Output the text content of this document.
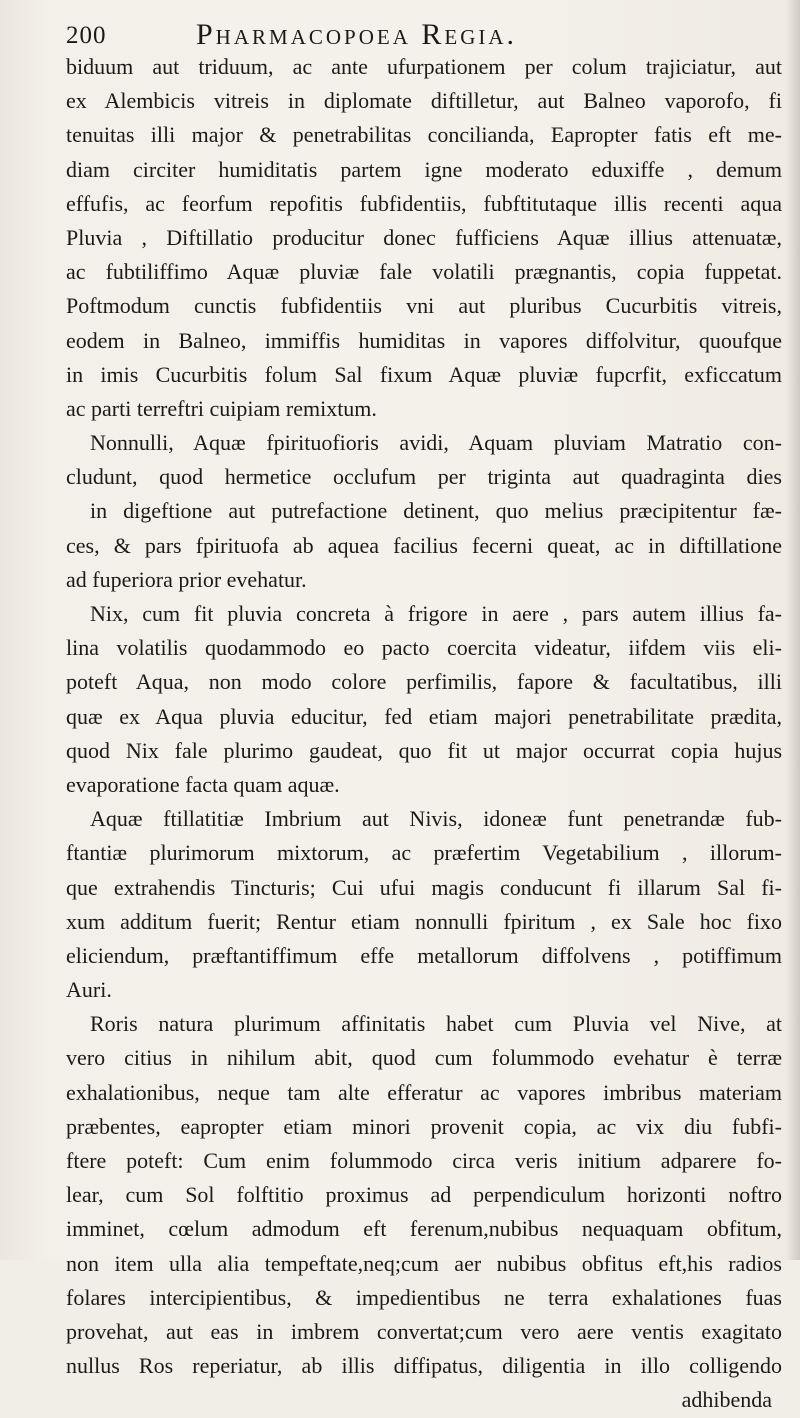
200	Pharmacopoea Regia.
biduum aut triduum, ac ante ufurpationem per colum trajiciatur, aut
ex Alembicis vitreis in diplomate diftilletur, aut Balneo vaporofo, fi
tenuitas illi major & penetrabilitas concilianda, Eapropter fatis eft me-
diam circiter humiditatis partem igne moderato eduxiffe , demum
effufis, ac feorfum repofitis fubfidentiis, fubftitutaque illis recenti aqua
Pluvia , Diftillatio producitur donec fufficiens Aquæ illius attenuatæ,
ac fubtiliffimo Aquæ pluviæ fale volatili prægnantis, copia fuppetat.
Poftmodum cunctis fubfidentiis vni aut pluribus Cucurbitis vitreis,
eodem in Balneo, immiffis humiditas in vapores diffolvitur, quoufque
in imis Cucurbitis folum Sal fixum Aquæ pluviæ fupcrfit, exficcatum
ac parti terreftri cuipiam remixtum.
Nonnulli, Aquæ fpirituofioris avidi, Aquam pluviam Matratio con-
cludunt, quod hermetice occlufum per triginta aut quadraginta dies
in digeftione aut putrefactione detinent, quo melius præcipitentur fæ-
ces, & pars fpirituofa ab aquea facilius fecerni queat, ac in diftillatione
ad fuperiora prior evehatur.
Nix, cum fit pluvia concreta à frigore in aere , pars autem illius fa-
lina volatilis quodammodo eo pacto coercita videatur, iifdem viis eli-
poteft Aqua, non modo colore perfimilis, fapore & facultatibus, illi
quæ ex Aqua pluvia educitur, fed etiam majori penetrabilitate prædita,
quod Nix fale plurimo gaudeat, quo fit ut major occurrat copia hujus
evaporatione facta quam aquæ.
Aquæ ftillatitiæ Imbrium aut Nivis, idoneæ funt penetrandæ fub-
ftantiæ plurimorum mixtorum, ac præfertim Vegetabilium , illorum-
que extrahendis Tincturis; Cui ufui magis conducunt fi illarum Sal fi-
xum additum fuerit; Rentur etiam nonnulli fpiritum , ex Sale hoc fixo
eliciendum, præftantiffimum effe metallorum diffolvens , potiffimum
Auri.
Roris natura plurimum affinitatis habet cum Pluvia vel Nive, at
vero citius in nihilum abit, quod cum folummodo evehatur è terræ
exhalationibus, neque tam alte efferatur ac vapores imbribus materiam
præbentes, eapropter etiam minori provenit copia, ac vix diu fubfi-
ftere poteft: Cum enim folummodo circa veris initium adparere fo-
lear, cum Sol folftitio proximus ad perpendiculum horizonti noftro
imminet, cœlum admodum eft ferenum,nubibus nequaquam obfitum,
non item ulla alia tempeftate,neq;cum aer nubibus obfitus eft,his radios
folares intercipientibus, & impedientibus ne terra exhalationes fuas
provehat, aut eas in imbrem convertat;cum vero aere ventis exagitato
nullus Ros reperiatur, ab illis diffipatus, diligentia in illo colligendo
adhibenda
